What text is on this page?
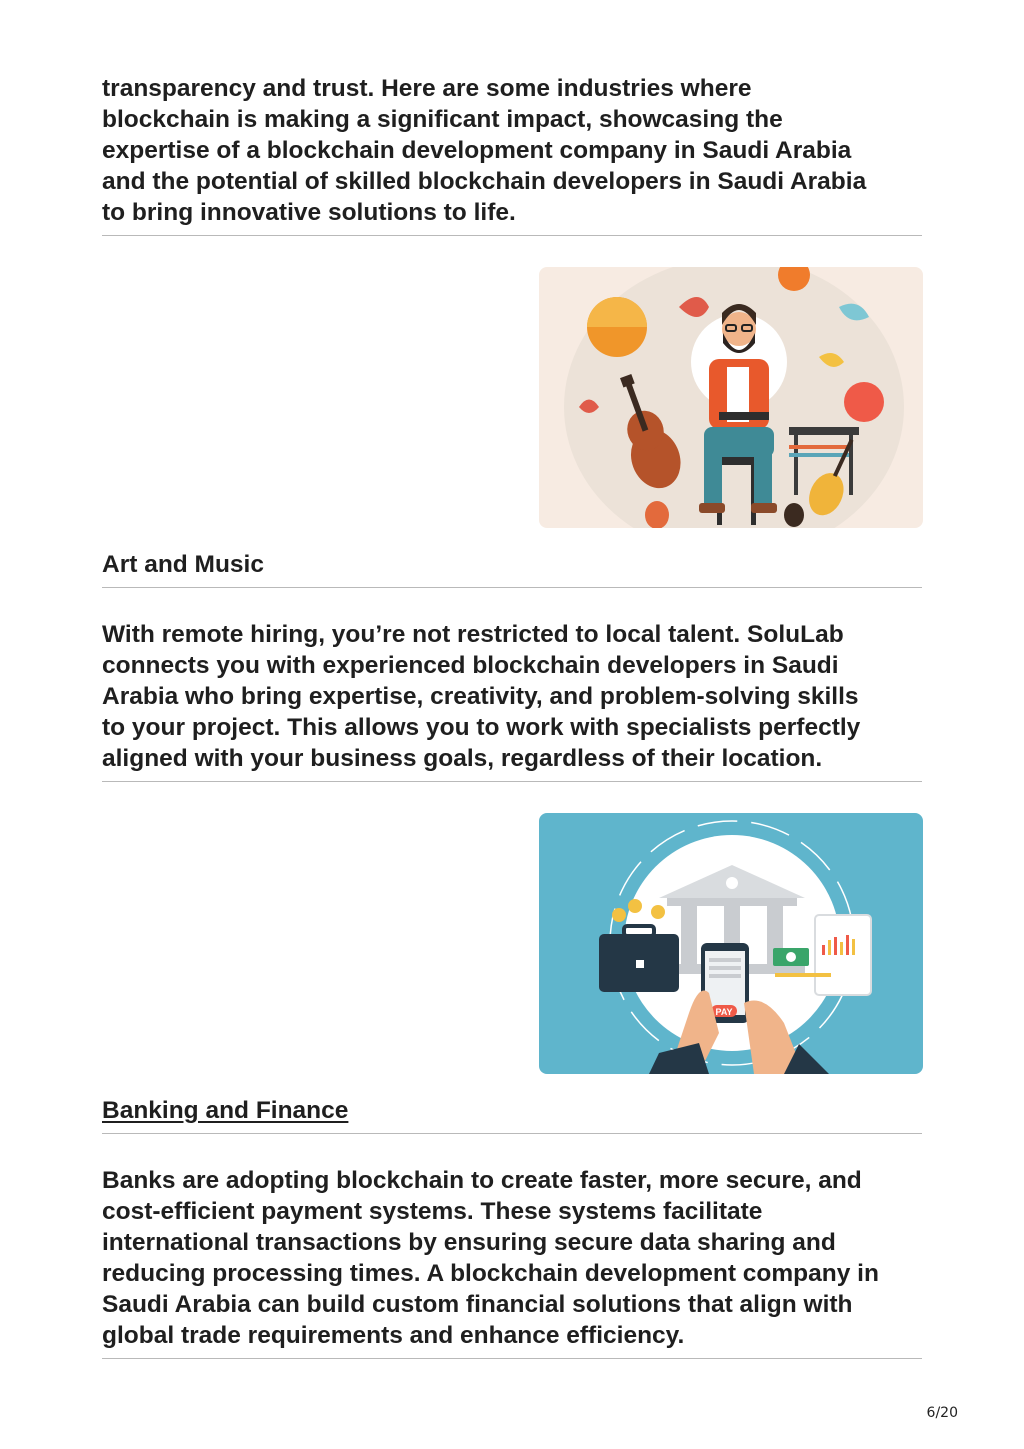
transparency and trust. Here are some industries where
blockchain is making a significant impact, showcasing the
expertise of a blockchain development company in Saudi Arabia
and the potential of skilled blockchain developers in Saudi Arabia
to bring innovative solutions to life.

Art and Music

With remote hiring, you’re not restricted to local talent. SoluLab
connects you with experienced blockchain developers in Saudi
Arabia who bring expertise, creativity, and problem-solving skills
to your project. This allows you to work with specialists perfectly
aligned with your business goals, regardless of their location.

PAY

Banking and Finance

Banks are adopting blockchain to create faster, more secure, and
cost-efficient payment systems. These systems facilitate
international transactions by ensuring secure data sharing and
reducing processing times. A blockchain development company in
Saudi Arabia can build custom financial solutions that align with
global trade requirements and enhance efficiency.

6/20
